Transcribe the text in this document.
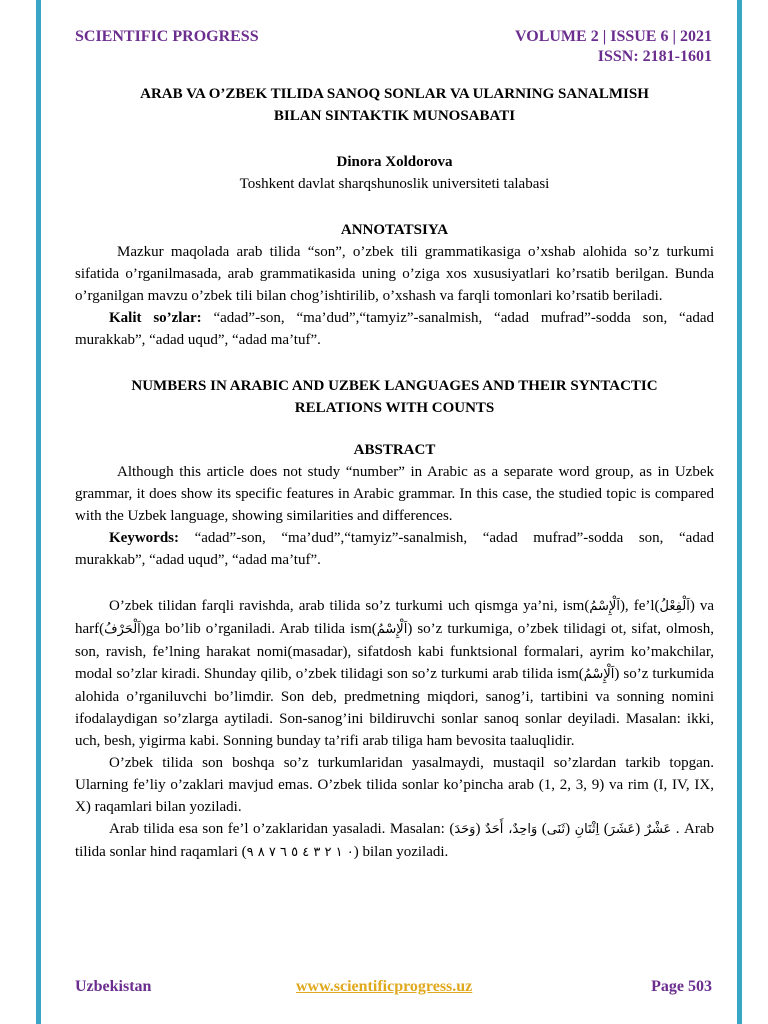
SCIENTIFIC PROGRESS	VOLUME 2 | ISSUE 6 | 2021
ISSN: 2181-1601
ARAB VA O’ZBEK TILIDA SANOQ SONLAR VA ULARNING SANALMISH
BILAN SINTAKTIK MUNOSABATI
Dinora Xoldorova
Toshkent davlat sharqshunoslik universiteti talabasi
ANNOTATSIYA

Mazkur maqolada arab tilida “son”, o’zbek tili grammatikasiga o’xshab alohida so’z turkumi sifatida o’rganilmasada, arab grammatikasida uning o’ziga xos xususiyatlari ko’rsatib berilgan. Bunda o’rganilgan mavzu o’zbek tili bilan chog’ishtirilib, o’xshash va farqli tomonlari ko’rsatib beriladi.

Kalit so’zlar: “adad”-son, “ma’dud”,“tamyiz”-sanalmish, “adad mufrad”-sodda son, “adad murakkab”, “adad uqud”, “adad ma’tuf”.

NUMBERS IN ARABIC AND UZBEK LANGUAGES AND THEIR SYNTACTIC
RELATIONS WITH COUNTS
ABSTRACT

Although this article does not study “number” in Arabic as a separate word group, as in Uzbek grammar, it does show its specific features in Arabic grammar. In this case, the studied topic is compared with the Uzbek language, showing similarities and differences.

Keywords: “adad”-son, “ma’dud”,“tamyiz”-sanalmish, “adad mufrad”-sodda son, “adad murakkab”, “adad uqud”, “adad ma’tuf”.

O’zbek tilidan farqli ravishda, arab tilida so’z turkumi uch qismga ya’ni, ism(اَلْإِسْمُ), fe’l(اَلْفِعْلُ) va harf(اَلْحَرْفُ)ga bo’lib o’rganiladi. Arab tilida ism(اَلْإِسْمُ) so’z turkumiga, o’zbek tilidagi ot, sifat, olmosh, son, ravish, fe’lning harakat nomi(masadar), sifatdosh kabi funktsional formalari, ayrim ko’makchilar, modal so’zlar kiradi. Shunday qilib, o’zbek tilidagi son so’z turkumi arab tilida ism(اَلْإِسْمُ) so’z turkumida alohida o’rganiluvchi bo’limdir. Son deb, predmetning miqdori, sanog’i, tartibini va sonning nomini ifodalaydigan so’zlarga aytiladi. Son-sanog’ini bildiruvchi sonlar sanoq sonlar deyiladi. Masalan: ikki, uch, besh, yigirma kabi. Sonning bunday ta’rifi arab tiliga ham bevosita taaluqlidir.

O’zbek tilida son boshqa so’z turkumlaridan yasalmaydi, mustaqil so’zlardan tarkib topgan. Ularning fe’liy o’zaklari mavjud emas. O’zbek tilida sonlar ko’pincha arab (1, 2, 3, 9) va rim (I, IV, IX, X) raqamlari bilan yoziladi.

Arab tilida esa son fe’l o’zaklaridan yasaladi. Masalan: (وَحَدَ) وَاحِدٌ، أَحَدٌ (ثَنَى) اِثْنَانِ (عَشَرَ) عَشْرٌ . Arab tilida sonlar hind raqamlari (٠ ١ ٢ ٣ ٤ ٥ ٦ ٧ ٨ ٩) bilan yoziladi.

Uzbekistan	www.scientificprogress.uz	Page 503
